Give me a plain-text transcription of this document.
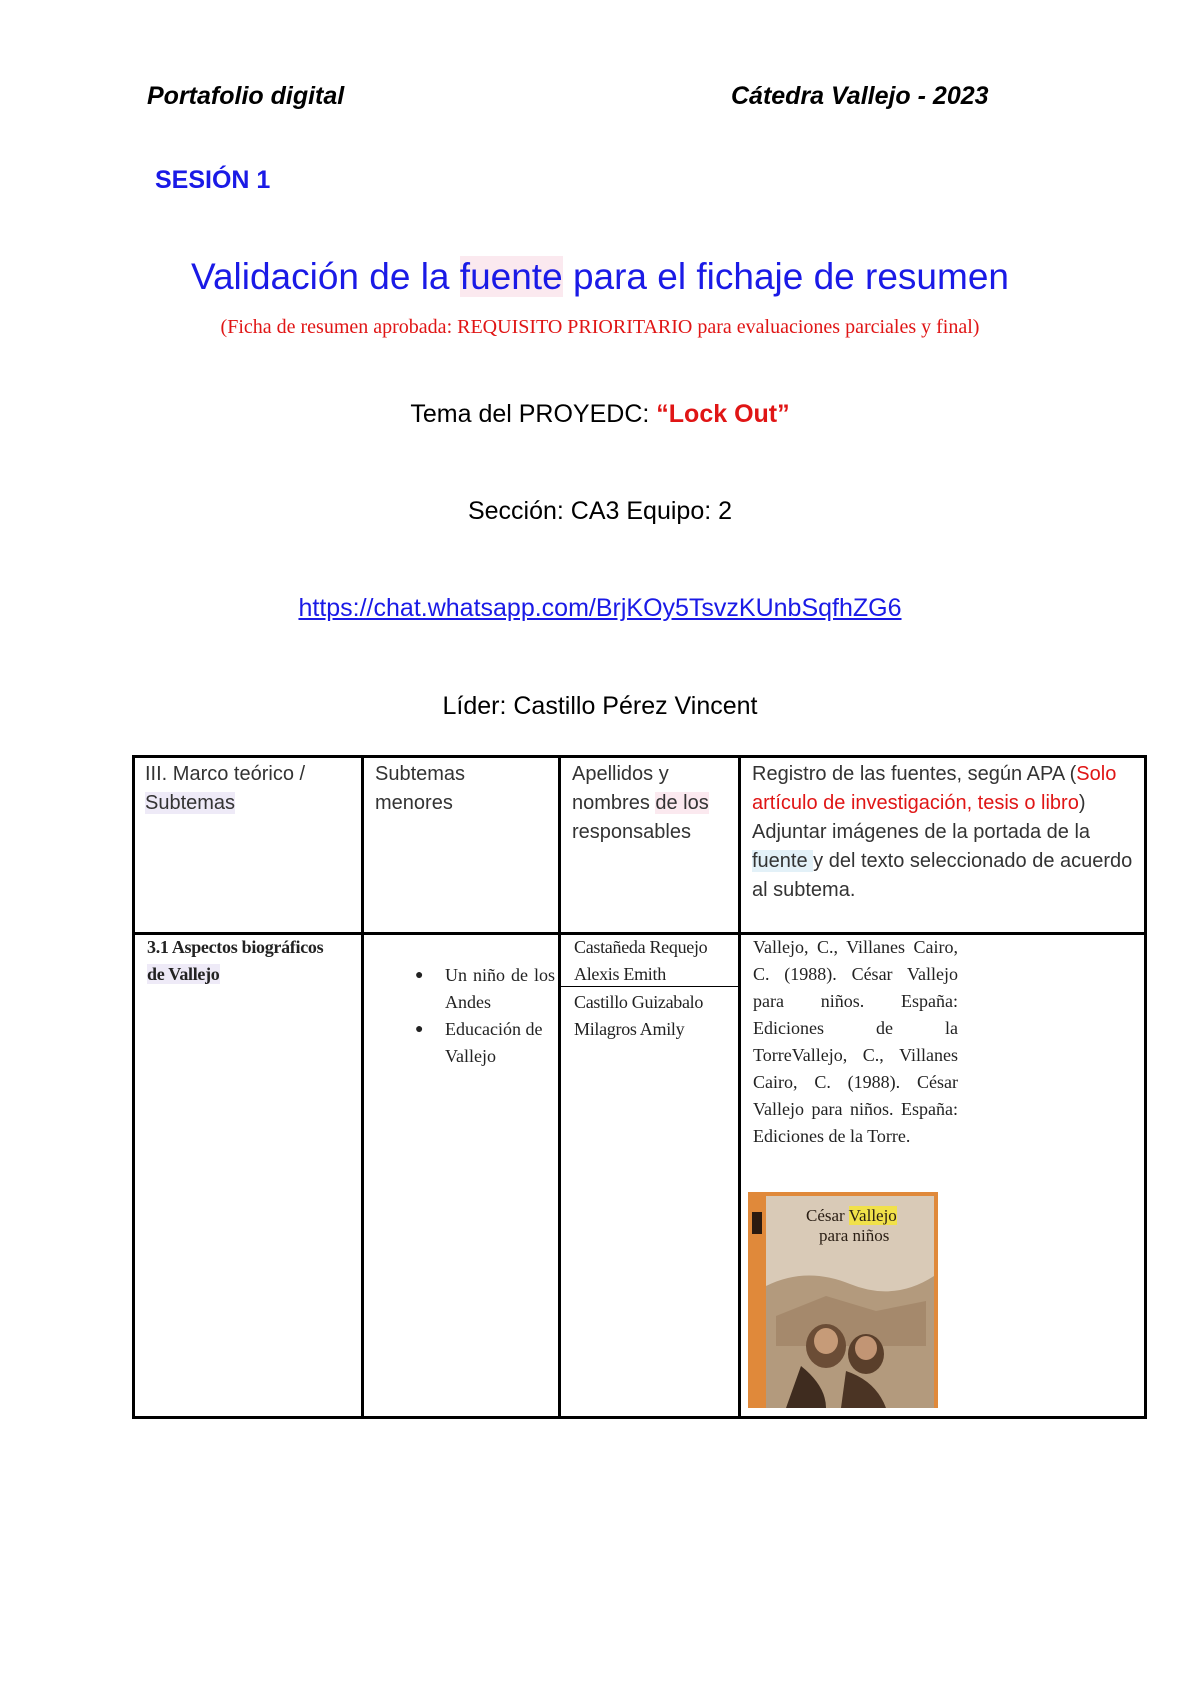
Portafolio digital	Cátedra Vallejo - 2023
SESIÓN 1
Validación de la fuente para el fichaje de resumen
(Ficha de resumen aprobada: REQUISITO PRIORITARIO para evaluaciones parciales y final)
Tema del PROYEDC: “Lock Out”
Sección: CA3 Equipo: 2
https://chat.whatsapp.com/BrjKOy5TsvzKUnbSqfhZG6
Líder: Castillo Pérez Vincent
III. Marco teórico /
Subtemas
Subtemas menores
Apellidos y
nombres de los
responsables
Registro de las fuentes, según APA (Solo artículo de investigación, tesis o libro)
Adjuntar imágenes de la portada de la fuente y del texto seleccionado de acuerdo al subtema.
3.1 Aspectos biográficos
de Vallejo
●	Un niño de los Andes
● Educación de Vallejo
Castañeda Requejo Alexis Emith
Castillo Guizabalo Milagros Amily
Vallejo, C., Villanes Cairo, C. (1988). César Vallejo para niños. España: Ediciones de la TorreVallejo, C., Villanes Cairo, C. (1988). César Vallejo para niños. España: Ediciones de la Torre.
César Vallejo
para niños
